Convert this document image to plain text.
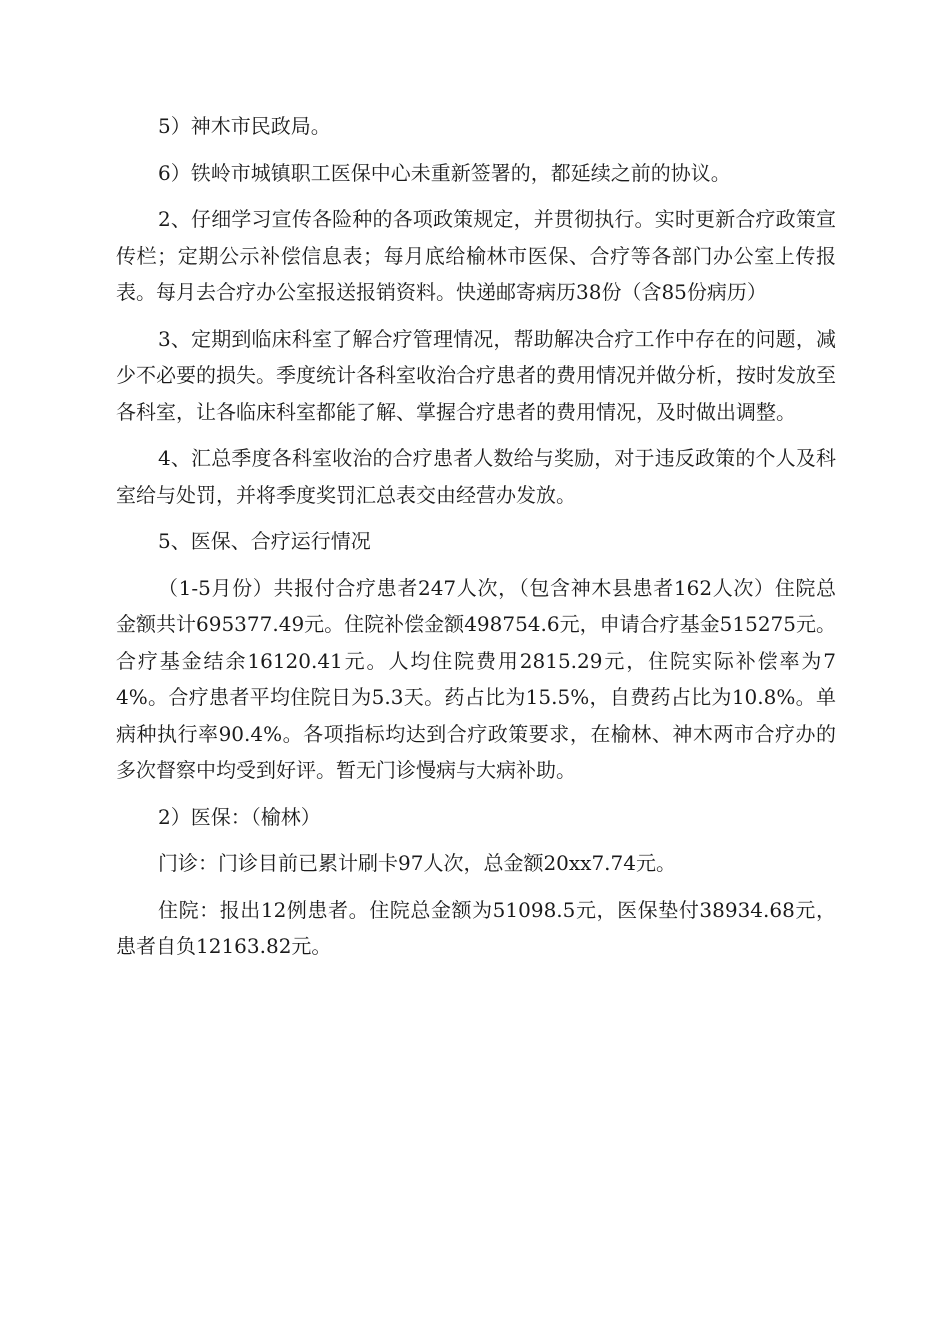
5）神木市民政局。

6）铁岭市城镇职工医保中心未重新签署的，都延续之前的协议。

2、仔细学习宣传各险种的各项政策规定，并贯彻执行。实时更新合疗政策宣传栏；定期公示补偿信息表；每月底给榆林市医保、合疗等各部门办公室上传报表。每月去合疗办公室报送报销资料。快递邮寄病历38份（含85份病历）

3、定期到临床科室了解合疗管理情况，帮助解决合疗工作中存在的问题，减少不必要的损失。季度统计各科室收治合疗患者的费用情况并做分析，按时发放至各科室，让各临床科室都能了解、掌握合疗患者的费用情况，及时做出调整。

4、汇总季度各科室收治的合疗患者人数给与奖励，对于违反政策的个人及科室给与处罚，并将季度奖罚汇总表交由经营办发放。

5、医保、合疗运行情况

（1-5月份）共报付合疗患者247人次，（包含神木县患者162人次）住院总金额共计695377.49元。住院补偿金额498754.6元，申请合疗基金515275元。合疗基金结余16120.41元。人均住院费用2815.29元，住院实际补偿率为74%。合疗患者平均住院日为5.3天。药占比为15.5%，自费药占比为10.8%。单病种执行率90.4%。各项指标均达到合疗政策要求，在榆林、神木两市合疗办的多次督察中均受到好评。暂无门诊慢病与大病补助。

2）医保：（榆林）

门诊：门诊目前已累计刷卡97人次，总金额20xx7.74元。

住院：报出12例患者。住院总金额为51098.5元，医保垫付38934.68元，患者自负12163.82元。
